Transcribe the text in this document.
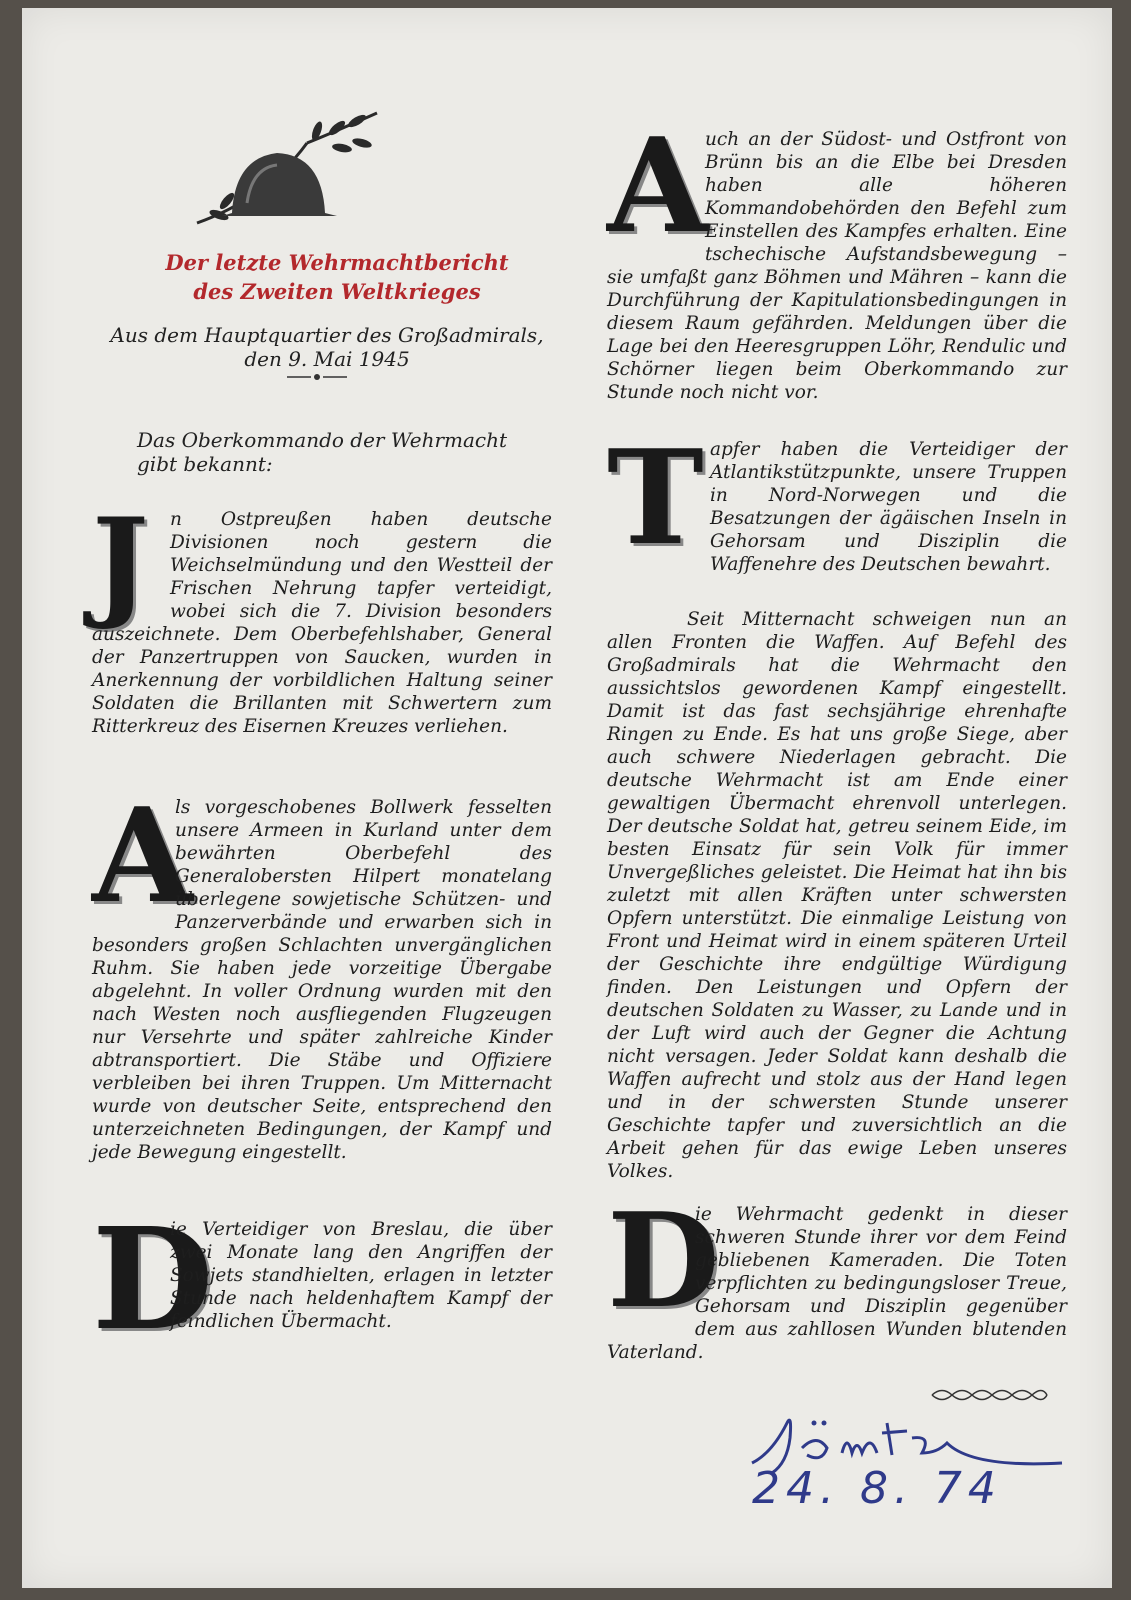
Der letzte Wehrmachtbericht
des Zweiten Weltkrieges
Aus dem Hauptquartier des Großadmirals, den 9. Mai 1945
Das Oberkommando der Wehrmacht gibt bekannt:
J	n Ostpreußen haben deutsche Divisionen noch gestern die Weichselmündung und den Westteil der Frischen Nehrung tapfer verteidigt, wobei sich die 7. Division besonders auszeichnete. Dem Oberbefehlshaber, General der Panzertruppen von Saucken, wurden in Anerkennung der vorbildlichen Haltung seiner Soldaten die Brillanten mit Schwertern zum Ritterkreuz des Eisernen Kreuzes verliehen.
A
ls vorgeschobenes Bollwerk fesselten unsere Armeen in Kurland unter dem bewährten Oberbefehl des Generaloberstеn Hilpert monatelang überlegene sowjetische Schützen- und Panzerverbände und erwarben sich in besonders großen Schlachten unvergänglichen Ruhm. Sie haben jede vorzeitige Übergabe abgelehnt. In voller Ordnung wurden mit den nach Westen noch ausfliegenden Flugzeugen nur Versehrte und später zahlreiche Kinder abtransportiert. Die Stäbe und Offiziere verbleiben bei ihren Truppen. Um Mitternacht wurde von deutscher Seite, entsprechend den unterzeichneten Bedingungen, der Kampf und jede Bewegung eingestellt.
D
ie Verteidiger von Breslau, die über zwei Monate lang den Angriffen der Sowjets standhielten, erlagen in letzter Stunde nach heldenhaftem Kampf der feindlichen Übermacht.
A
uch an der Südost- und Ostfront von Brünn bis an die Elbe bei Dresden haben alle höheren Kommandobehörden den Befehl zum Einstellen des Kampfes erhalten. Eine tschechische Aufstandsbewegung – sie umfaßt ganz Böhmen und Mähren – kann die Durchführung der Kapitulationsbedingungen in diesem Raum gefährden. Meldungen über die Lage bei den Heeresgruppen Löhr, Rendulic und Schörner liegen beim Oberkommando zur Stunde noch nicht vor.
T apfer haben die Verteidiger der Atlantikstützpunkte, unsere Truppen in Nord-Norwegen und die Besatzungen der ägäischen Inseln in Gehorsam und Disziplin die Waffenehre des Deutschen bewahrt.
Seit Mitternacht schweigen nun an allen Fronten die Waffen. Auf Befehl des Großadmirals hat die Wehrmacht den aussichtslos gewordenen Kampf eingestellt. Damit ist das fast sechsjährige ehrenhafte Ringen zu Ende. Es hat uns große Siege, aber auch schwere Niederlagen gebracht. Die deutsche Wehrmacht ist am Ende einer gewaltigen Übermacht ehrenvoll unterlegen. Der deutsche Soldat hat, getreu seinem Eide, im besten Einsatz für sein Volk für immer Unvergeßliches geleistet. Die Heimat hat ihn bis zuletzt mit allen Kräften unter schwersten Opfern unterstützt. Die einmalige Leistung von Front und Heimat wird in einem späteren Urteil der Geschichte ihre endgültige Würdigung finden. Den Leistungen und Opfern der deutschen Soldaten zu Wasser, zu Lande und in der Luft wird auch der Gegner die Achtung nicht versagen. Jeder Soldat kann deshalb die Waffen aufrecht und stolz aus der Hand legen und in der schwersten Stunde unserer Geschichte tapfer und zuversichtlich an die Arbeit gehen für das ewige Leben unseres Volkes.
D
ie Wehrmacht gedenkt in dieser schweren Stunde ihrer vor dem Feind gebliebenen Kameraden. Die Toten verpflichten zu bedingungsloser Treue, Gehorsam und Disziplin gegenüber dem aus zahllosen Wunden blutenden Vaterland.
24. 8. 74
